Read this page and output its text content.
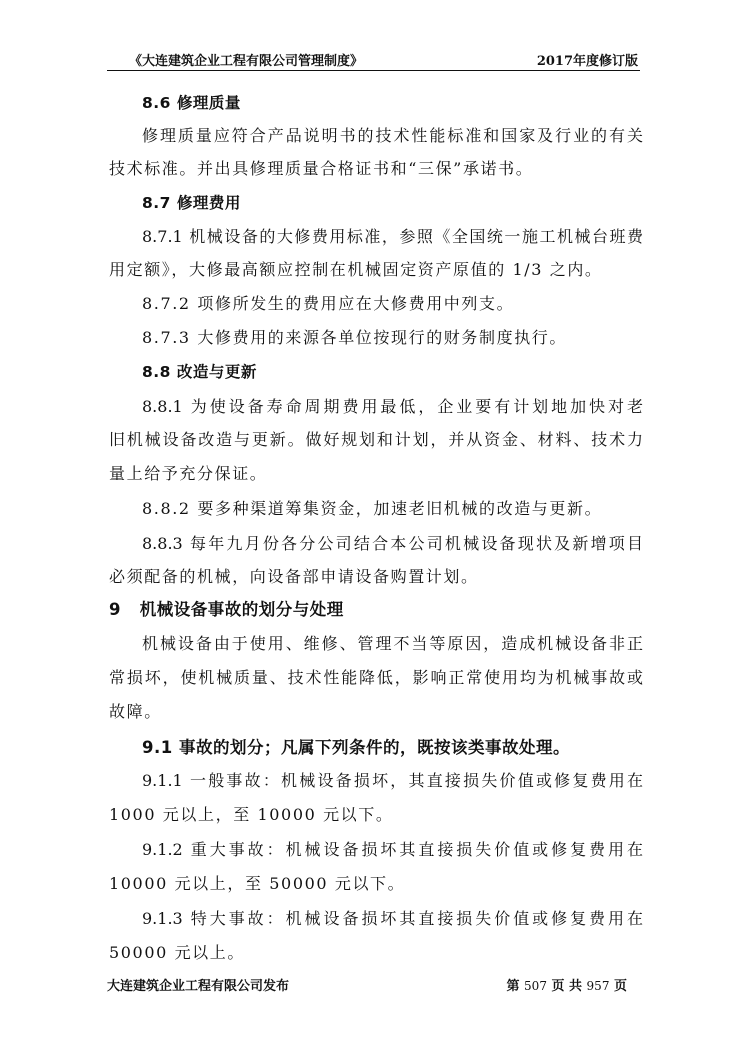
《大连建筑企业工程有限公司管理制度》	2017年度修订版
8.6 修理质量
修理质量应符合产品说明书的技术性能标准和国家及行业的有关
技术标准。并出具修理质量合格证书和“三保”承诺书。
8.7 修理费用
8.7.1 机械设备的大修费用标准，参照《全国统一施工机械台班费
用定额》，大修最高额应控制在机械固定资产原值的 1/3 之内。
8.7.2 项修所发生的费用应在大修费用中列支。
8.7.3 大修费用的来源各单位按现行的财务制度执行。
8.8 改造与更新
8.8.1 为使设备寿命周期费用最低，企业要有计划地加快对老
旧机械设备改造与更新。做好规划和计划，并从资金、材料、技术力
量上给予充分保证。
8.8.2 要多种渠道筹集资金，加速老旧机械的改造与更新。
8.8.3 每年九月份各分公司结合本公司机械设备现状及新增项目
必须配备的机械，向设备部申请设备购置计划。
9   机械设备事故的划分与处理
机械设备由于使用、维修、管理不当等原因，造成机械设备非正
常损坏，使机械质量、技术性能降低，影响正常使用均为机械事故或
故障。
9.1 事故的划分；凡属下列条件的，既按该类事故处理。
9.1.1 一般事故：机械设备损坏，其直接损失价值或修复费用在
1000 元以上，至 10000 元以下。
9.1.2 重大事故：机械设备损坏其直接损失价值或修复费用在
10000 元以上，至 50000 元以下。
9.1.3 特大事故：机械设备损坏其直接损失价值或修复费用在
50000 元以上。
大连建筑企业工程有限公司发布	第 507 页 共 957 页
